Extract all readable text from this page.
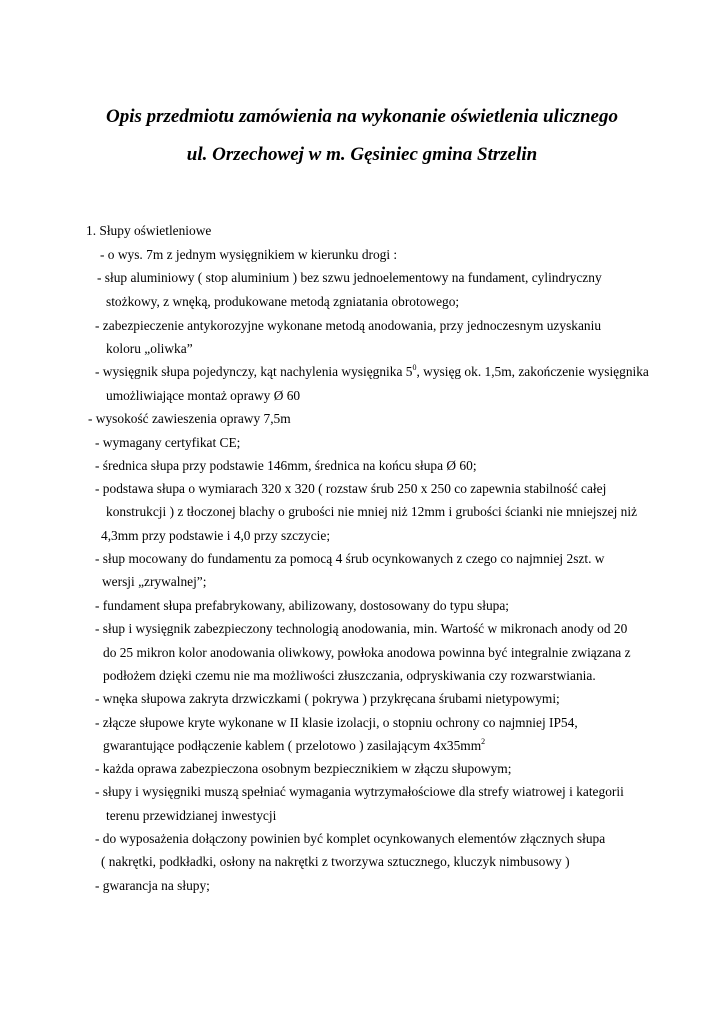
Opis przedmiotu zamówienia na wykonanie oświetlenia ulicznego
ul. Orzechowej w m. Gęsiniec gmina Strzelin
1. Słupy oświetleniowe
- o wys. 7m z jednym wysięgnikiem w kierunku drogi :
- słup aluminiowy ( stop aluminium ) bez szwu jednoelementowy na fundament, cylindryczny
stożkowy, z wnęką, produkowane metodą zgniatania obrotowego;
- zabezpieczenie antykorozyjne wykonane metodą anodowania, przy jednoczesnym uzyskaniu
koloru „oliwka”
- wysięgnik słupa pojedynczy, kąt nachylenia wysięgnika $5^0$, wysięg ok. 1,5m, zakończenie wysięgnika
umożliwiające montaż oprawy Ø 60
- wysokość zawieszenia oprawy 7,5m
- wymagany certyfikat CE;
- średnica słupa przy podstawie 146mm, średnica na końcu słupa Ø 60;
- podstawa słupa o wymiarach 320 x 320 ( rozstaw śrub 250 x 250 co zapewnia stabilność całej
konstrukcji ) z tłoczonej blachy o grubości nie mniej niż 12mm i grubości ścianki nie mniejszej niż
4,3mm przy podstawie i 4,0 przy szczycie;
- słup mocowany do fundamentu za pomocą 4 śrub ocynkowanych z czego co najmniej 2szt. w
wersji „zrywalnej”;
- fundament słupa prefabrykowany, abilizowany, dostosowany do typu słupa;
- słup i wysięgnik zabezpieczony technologią anodowania, min. Wartość w mikronach anody od 20
do 25 mikron kolor anodowania oliwkowy, powłoka anodowa powinna być integralnie związana z
podłożem dzięki czemu nie ma możliwości złuszczania, odpryskiwania czy rozwarstwiania.
- wnęka słupowa zakryta drzwiczkami ( pokrywa ) przykręcana śrubami nietypowymi;
- złącze słupowe kryte wykonane w II klasie izolacji, o stopniu ochrony co najmniej IP54,
gwarantujące podłączenie kablem ( przelotowo ) zasilającym $4x35mm^2$
- każda oprawa zabezpieczona osobnym bezpiecznikiem w złączu słupowym;
- słupy i wysięgniki muszą spełniać wymagania wytrzymałościowe dla strefy wiatrowej i kategorii
terenu przewidzianej inwestycji
- do wyposażenia dołączony powinien być komplet ocynkowanych elementów złącznych słupa
( nakrętki, podkładki, osłony na nakrętki z tworzywa sztucznego, kluczyk nimbusowy )
- gwarancja na słupy;
